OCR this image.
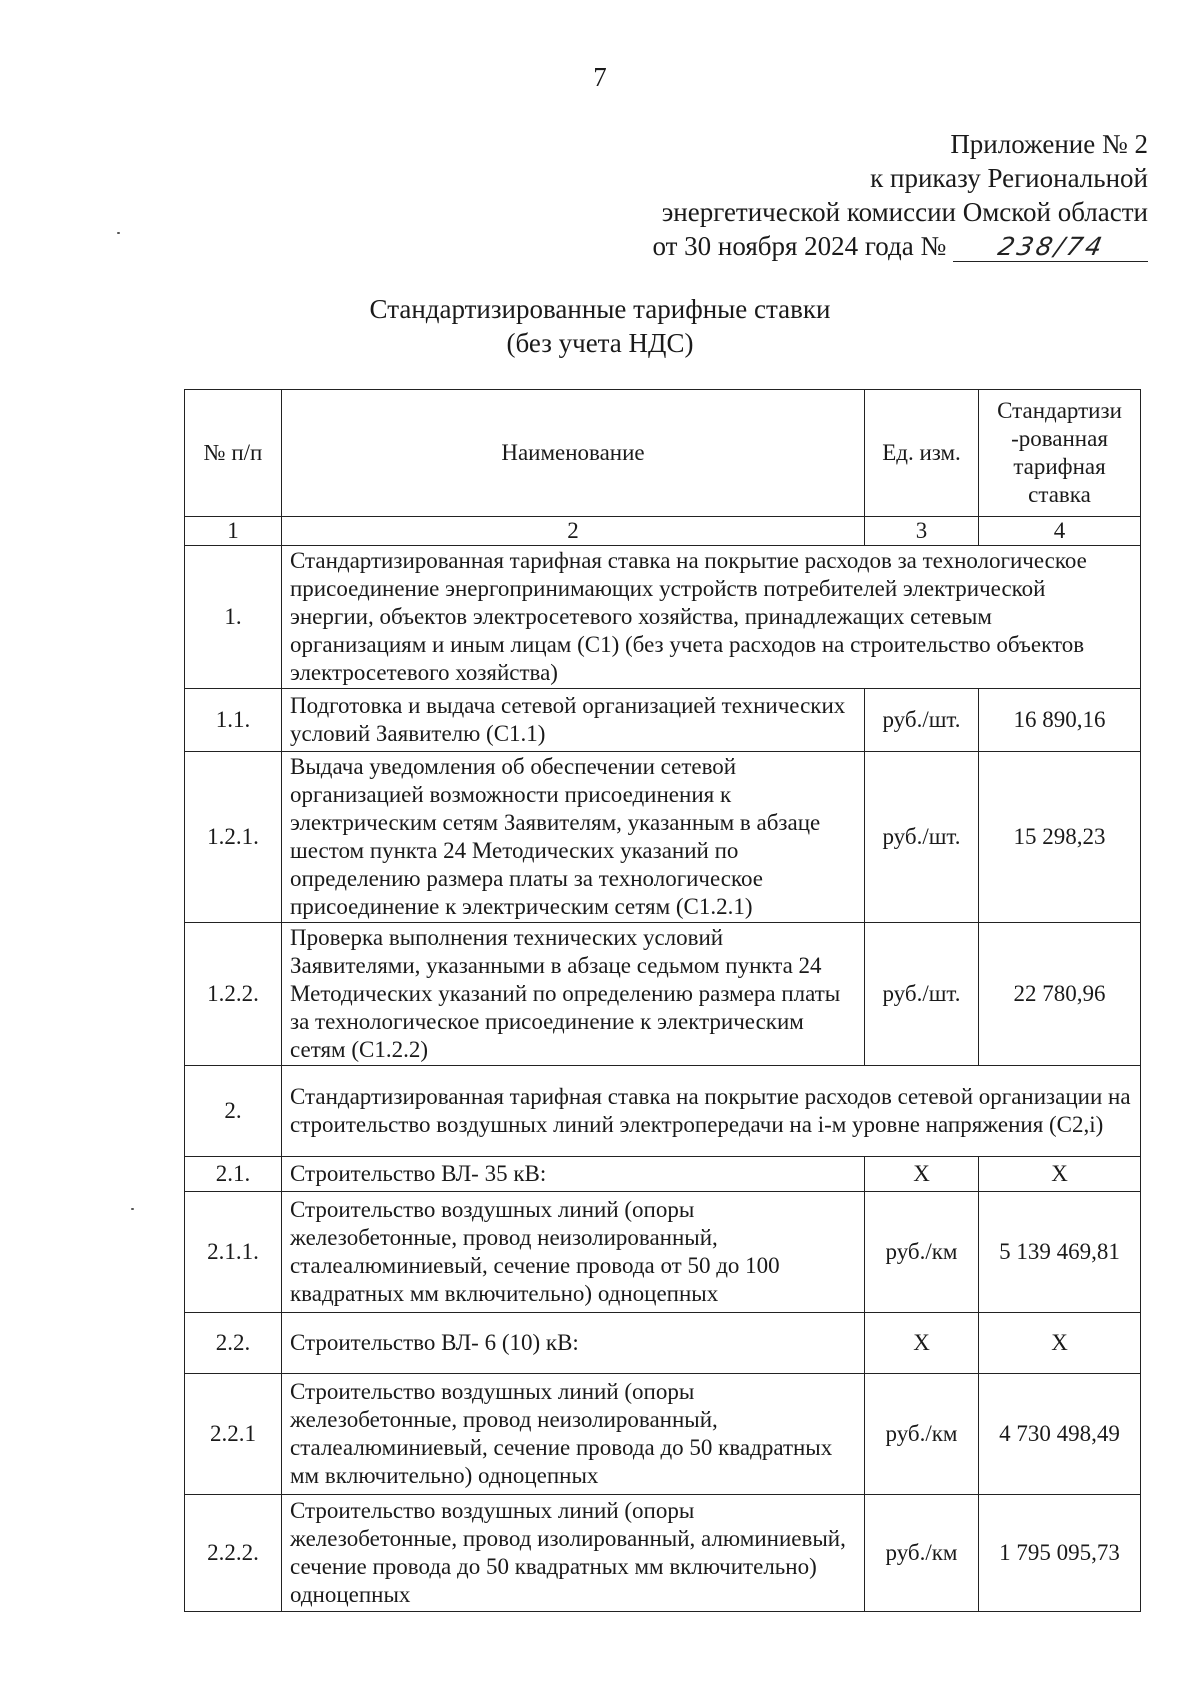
7
Приложение № 2
к приказу Региональной
энергетической комиссии Омской области
от 30 ноября 2024 года № 238/74
Стандартизированные тарифные ставки
(без учета НДС)
№ п/п	Наименование	Ед. изм.	Стандартизи -рованная тарифная ставка
1	2	3	4
1.	Стандартизированная тарифная ставка на покрытие расходов за технологическое присоединение энергопринимающих устройств потребителей электрической энергии, объектов электросетевого хозяйства, принадлежащих сетевым организациям и иным лицам (С1) (без учета расходов на строительство объектов электросетевого хозяйства)		
1.1.	Подготовка и выдача сетевой организацией технических условий Заявителю (С1.1)	руб./шт.	16 890,16
1.2.1.	Выдача уведомления об обеспечении сетевой организацией возможности присоединения к электрическим сетям Заявителям, указанным в абзаце шестом пункта 24 Методических указаний по определению размера платы за технологическое присоединение к электрическим сетям (С1.2.1)	руб./шт.	15 298,23
1.2.2.	Проверка выполнения технических условий Заявителями, указанными в абзаце седьмом пункта 24 Методических указаний по определению размера платы за технологическое присоединение к электрическим сетям (С1.2.2)	руб./шт.	22 780,96
2.	Стандартизированная тарифная ставка на покрытие расходов сетевой организации на строительство воздушных линий электропередачи на i-м уровне напряжения (С2,i)		
2.1.	Строительство ВЛ- 35 кВ:	Х	Х
2.1.1.	Строительство воздушных линий (опоры железобетонные, провод неизолированный, сталеалюминиевый, сечение провода от 50 до 100 квадратных мм включительно) одноцепных	руб./км	5 139 469,81
2.2.	Строительство ВЛ- 6 (10) кВ:	Х	Х
2.2.1	Строительство воздушных линий (опоры железобетонные, провод неизолированный, сталеалюминиевый, сечение провода до 50 квадратных мм включительно) одноцепных	руб./км	4 730 498,49
2.2.2.	Строительство воздушных линий (опоры железобетонные, провод изолированный, алюминиевый, сечение провода до 50 квадратных мм включительно) одноцепных	руб./км	1 795 095,73
